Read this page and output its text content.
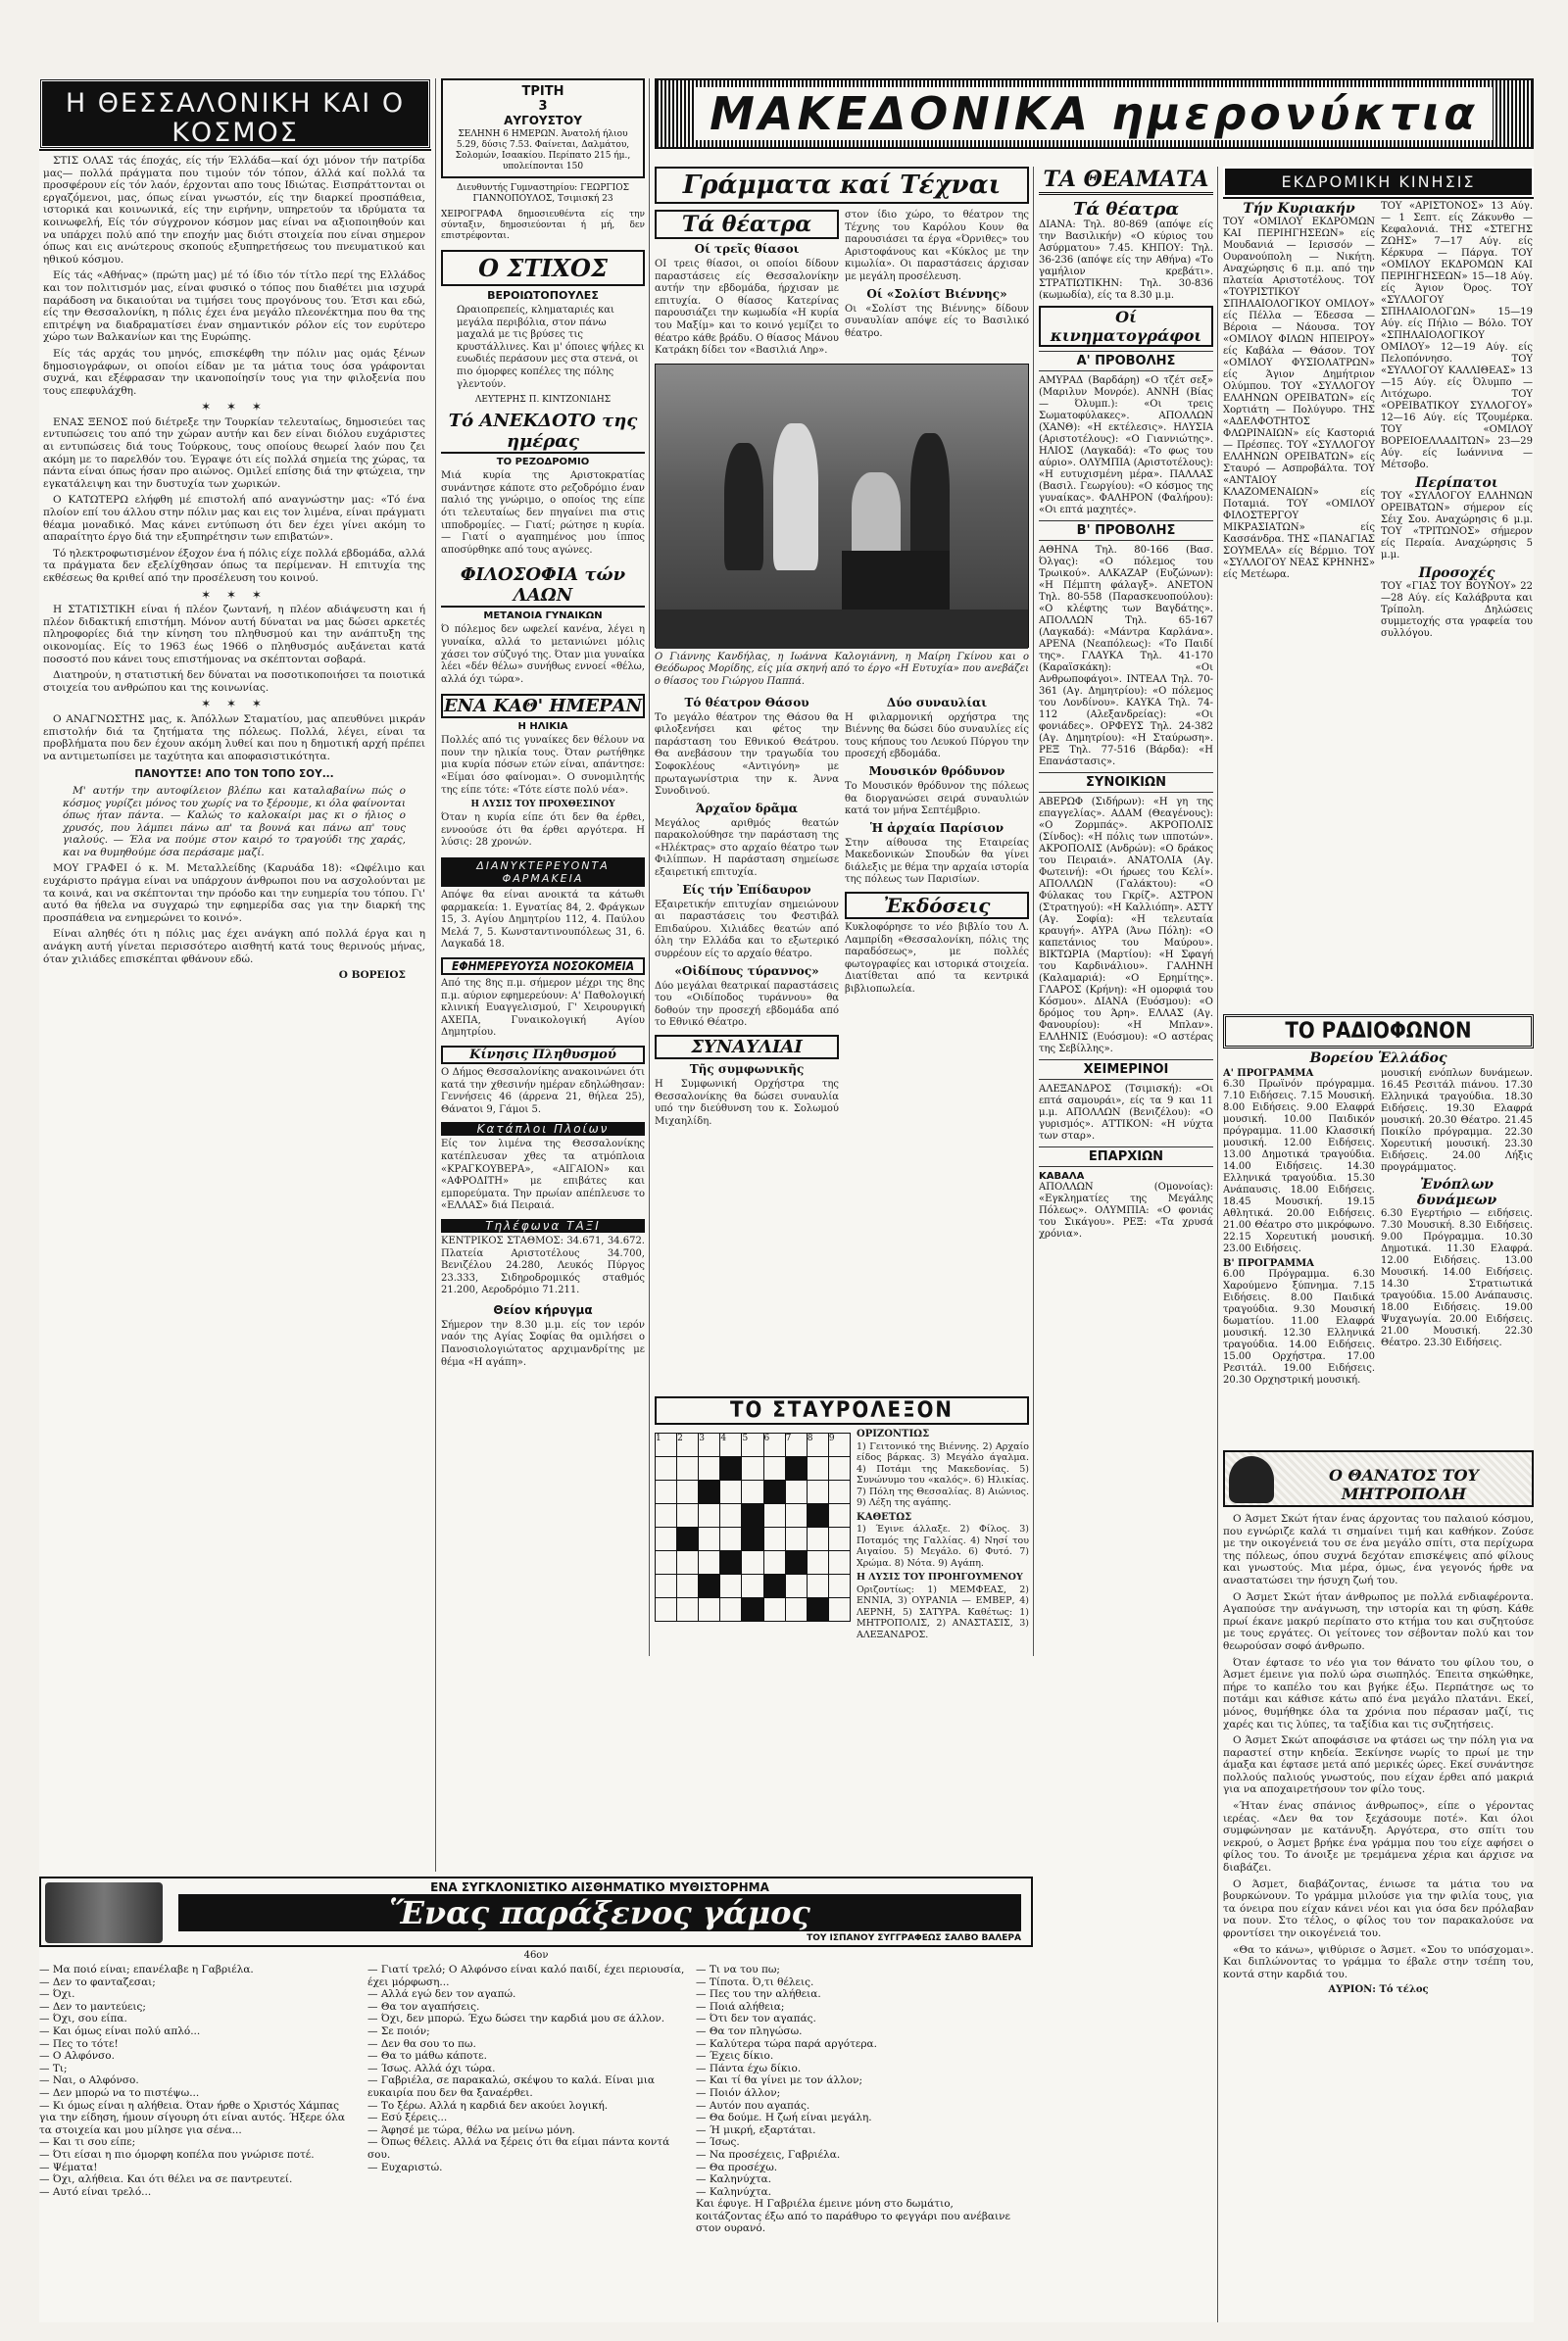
Η ΘΕΣΣΑΛΟΝΙΚΗ ΚΑΙ Ο ΚΟΣΜΟΣ

ΣΤΙΣ ΟΛΑΣ τάς έποχάς, είς τήν Έλλάδα—καί όχι μόνον τήν πατρίδα μας— πολλά πράγματα που τιμούν τόν τόπον, άλλά καί πολλά τα προσφέρουν είς τόν λαόν, έρχονται απο τους Ιδιώτας. Εισπράττονται οι εργαζόμενοι, μας, όπως είναι γνωστόν, είς την διαρκεί προσπάθεια, ιστορικά και κοινωνικά, είς την ειρήνην, υπηρετούν τα ιδρύματα τα κοινωφελή, Είς τόν σύγχρονον κόσμον μας είναι να αξιοποιηθούν και να υπάρχει πολύ από την εποχήν μας διότι στοιχεία που είναι σημερον όπως και εις ανώτερους σκοπούς εξυπηρετήσεως του πνευματικού και ηθικού κόσμου.

Είς τάς «Αθήνας» (πρώτη μας) μέ τό ίδιο τόν τίτλο περί της Ελλάδος και τον πολιτισμόν μας, είναι φυσικό ο τόπος που διαθέτει μια ισχυρά παράδοση να δικαιούται να τιμήσει τους προγόνους του. Έτσι και εδώ, είς την Θεσσαλονίκη, η πόλις έχει ένα μεγάλο πλεονέκτημα που θα της επιτρέψη να διαδραματίσει έναν σημαντικόν ρόλον είς τον ευρύτερο χώρο των Βαλκανίων και της Ευρώπης.

Είς τάς αρχάς του μηνός, επισκέφθη την πόλιν μας ομάς ξένων δημοσιογράφων, οι οποίοι είδαν με τα μάτια τους όσα γράφονται συχνά, και εξέφρασαν την ικανοποίησίν τους για την φιλοξενία που τους επεφυλάχθη.

✶ ✶ ✶

ΕΝΑΣ ΞΕΝΟΣ πού διέτρεξε την Τουρκίαν τελευταίως, δημοσιεύει τας εντυπώσεις του από την χώραν αυτήν και δεν είναι διόλου ευχάριστες αι εντυπώσεις διά τους Τούρκους, τους οποίους θεωρεί λαόν που ζει ακόμη με το παρελθόν του. Έγραψε ότι είς πολλά σημεία της χώρας, τα πάντα είναι όπως ήσαν προ αιώνος. Ομιλεί επίσης διά την φτώχεια, την εγκατάλειψη και την δυστυχία των χωρικών.

Ο ΚΑΤΩΤΕΡΩ ελήφθη μέ επιστολή από αναγνώστην μας: «Τό ένα πλοίον επί του άλλου στην πόλιν μας και εις τον λιμένα, είναι πράγματι θέαμα μοναδικό. Μας κάνει εντύπωση ότι δεν έχει γίνει ακόμη το απαραίτητο έργο διά την εξυπηρέτησιν των επιβατών».

Τό ηλεκτροφωτισμένον έξοχον ένα ή πόλις είχε πολλά εβδομάδα, αλλά τα πράγματα δεν εξελίχθησαν όπως τα περίμεναν. Η επιτυχία της εκθέσεως θα κριθεί από την προσέλευση του κοινού.

✶ ✶ ✶

Η ΣΤΑΤΙΣΤΙΚΗ είναι ή πλέον ζωντανή, η πλέον αδιάψευστη και ή πλέον διδακτική επιστήμη. Μόνον αυτή δύναται να μας δώσει αρκετές πληροφορίες διά την κίνηση του πληθυσμού και την ανάπτυξη της οικονομίας. Είς το 1963 έως 1966 ο πληθυσμός αυξάνεται κατά ποσοστό που κάνει τους επιστήμονας να σκέπτονται σοβαρά.

Διατηρούν, η στατιστική δεν δύναται να ποσοτικοποιήσει τα ποιοτικά στοιχεία του ανθρώπου και της κοινωνίας.

✶ ✶ ✶

Ο ΑΝΑΓΝΩΣΤΗΣ μας, κ. Άπόλλων Σταματίου, μας απευθύνει μικράν επιστολήν διά τα ζητήματα της πόλεως. Πολλά, λέγει, είναι τα προβλήματα που δεν έχουν ακόμη λυθεί και που η δημοτική αρχή πρέπει να αντιμετωπίσει με ταχύτητα και αποφασιστικότητα.

ΠΑΝΟΥΤΣΕ! ΑΠΟ ΤΟΝ ΤΟΠΟ ΣΟΥ...

Μ' αυτήν την αυτοφίλειον βλέπω και καταλαβαίνω πώς ο κόσμος γυρίζει μόνος του χωρίς να το ξέρουμε, κι όλα φαίνονται όπως ήταν πάντα. — Καλώς το καλοκαίρι μας κι ο ήλιος ο χρυσός, που λάμπει πάνω απ' τα βουνά και πάνω απ' τους γιαλούς. — Έλα να πούμε στον καιρό το τραγούδι της χαράς, και να θυμηθούμε όσα περάσαμε μαζί.

ΜΟΥ ΓΡΑΦΕΙ ό κ. Μ. Μεταλλείδης (Καρυάδα 18): «Ωφέλιμο και ευχάριστο πράγμα είναι να υπάρχουν άνθρωποι που να ασχολούνται με τα κοινά, και να σκέπτονται την πρόοδο και την ευημερία του τόπου. Γι' αυτό θα ήθελα να συγχαρώ την εφημερίδα σας για την διαρκή της προσπάθεια να ενημερώνει το κοινό».

Είναι αληθές ότι η πόλις μας έχει ανάγκη από πολλά έργα και η ανάγκη αυτή γίνεται περισσότερο αισθητή κατά τους θερινούς μήνας, όταν χιλιάδες επισκέπται φθάνουν εδώ.

Ο ΒΟΡΕΙΟΣ
ΤΡΙΤΗ
3
ΑΥΓΟΥΣΤΟΥ
ΣΕΛΗΝΗ 6 ΗΜΕΡΩΝ. Άνατολή ήλιου 5.29, δύσις 7.53. Φαίνεται, Δαλμάτου, Σολομών, Ισαακίου. Περίπατο 215 ήμ., υπολείπονται 150
Διευθυντής Γυμναστηρίου: ΓΕΩΡΓΙΟΣ ΓΙΑΝΝΟΠΟΥΛΟΣ, Τσιμισκή 23
ΧΕΙΡΟΓΡΑΦΑ δημοσιευθέντα είς την σύνταξιν, δημοσιεύονται ή μή, δεν επιστρέφονται.
Ο ΣΤΙΧΟΣ
ΒΕΡΟΙΩΤΟΠΟΥΛΕΣ
Ωραιοπρεπείς, κληματαριές και μεγάλα περιβόλια, στον πάνω μαχαλά με τις βρύσες τις κρυστάλλινες. Και μ' όποιες ψήλες κι ευωδιές περάσουν μες στα στενά, οι πιο όμορφες κοπέλες της πόλης γλεντούν.
ΛΕΥΤΕΡΗΣ Π. ΚΙΝΤΖΟΝΙΔΗΣ
Τό ΑΝΕΚΔΟΤΟ της ημέρας
ΤΟ ΡΕΖΟΔΡΟΜΙΟ
Μιά κυρία της Αριστοκρατίας συνάντησε κάποτε στο ρεζοδρόμιο έναν παλιό της γνώριμο, ο οποίος της είπε ότι τελευταίως δεν πηγαίνει πια στις ιπποδρομίες. — Γιατί; ρώτησε η κυρία. — Γιατί ο αγαπημένος μου ίππος αποσύρθηκε από τους αγώνες.
ΦΙΛΟΣΟΦΙΑ τών ΛΑΩΝ
ΜΕΤΑΝΟΙΑ ΓΥΝΑΙΚΩΝ
Ό πόλεμος δεν ωφελεί κανένα, λέγει η γυναίκα, αλλά το μετανιώνει μόλις χάσει τον σύζυγό της. Όταν μια γυναίκα λέει «δέν θέλω» συνήθως εννοεί «θέλω, αλλά όχι τώρα».
ΕΝΑ ΚΑΘ' ΗΜΕΡΑΝ
Η ΗΛΙΚΙΑ
Πολλές από τις γυναίκες δεν θέλουν να πουν την ηλικία τους. Όταν ρωτήθηκε μια κυρία πόσων ετών είναι, απάντησε: «Είμαι όσο φαίνομαι». Ο συνομιλητής της είπε τότε: «Τότε είστε πολύ νέα».
Η ΛΥΣΙΣ ΤΟΥ ΠΡΟΧΘΕΣΙΝΟΥ
Όταν η κυρία είπε ότι δεν θα έρθει, εννοούσε ότι θα έρθει αργότερα. Η λύσις: 28 χρονών.
ΔΙΑΝΥΚΤΕΡΕΥΟΝΤΑ ΦΑΡΜΑΚΕΙΑ
Απόψε θα είναι ανοικτά τα κάτωθι φαρμακεία: 1. Εγνατίας 84, 2. Φράγκων 15, 3. Αγίου Δημητρίου 112, 4. Παύλου Μελά 7, 5. Κωνσταντινουπόλεως 31, 6. Λαγκαδά 18.
ΕΦΗΜΕΡΕΥΟΥΣΑ ΝΟΣΟΚΟΜΕΙΑ
Από της 8ης π.μ. σήμερον μέχρι της 8ης π.μ. αύριον εφημερεύουν: Α' Παθολογική κλινική Ευαγγελισμού, Γ' Χειρουργική ΑΧΕΠΑ, Γυναικολογική Αγίου Δημητρίου.
Κίνησις Πληθυσμού
Ο Δήμος Θεσσαλονίκης ανακοινώνει ότι κατά την χθεσινήν ημέραν εδηλώθησαν: Γεννήσεις 46 (άρρενα 21, θήλεα 25), Θάνατοι 9, Γάμοι 5.
Κατάπλοι Πλοίων
Είς τον λιμένα της Θεσσαλονίκης κατέπλευσαν χθες τα ατμόπλοια «ΚΡΑΓΚΟΥΒΕΡΑ», «ΑΙΓΑΙΟΝ» και «ΑΦΡΟΔΙΤΗ» με επιβάτες και εμπορεύματα. Την πρωίαν απέπλευσε το «ΕΛΛΑΣ» διά Πειραιά.
Τηλέφωνα ΤΑΞΙ
ΚΕΝΤΡΙΚΟΣ ΣΤΑΘΜΟΣ: 34.671, 34.672. Πλατεία Αριστοτέλους 34.700, Βενιζέλου 24.280, Λευκός Πύργος 23.333, Σιδηροδρομικός σταθμός 21.200, Αεροδρόμιο 71.211.
Θείον κήρυγμα
Σήμερον την 8.30 μ.μ. είς τον ιερόν ναόν της Αγίας Σοφίας θα ομιλήσει ο Πανοσιολογιώτατος αρχιμανδρίτης με θέμα «Η αγάπη».
ΜΑΚΕΔΟΝΙΚΑ ημερονύκτια
Γράμματα καί Τέχναι
Τά θέατρα
Οί τρεῖς θίασοι
ΟΙ τρεις θίασοι, οι οποίοι δίδουν παραστάσεις είς Θεσσαλονίκην αυτήν την εβδομάδα, ήρχισαν με επιτυχία. Ο θίασος Κατερίνας παρουσιάζει την κωμωδία «Η κυρία του Μαξίμ» και το κοινό γεμίζει το θέατρο κάθε βράδυ. Ο θίασος Μάνου Κατράκη δίδει τον «Βασιλιά Ληρ».
στον ίδιο χώρο, το θέατρον της Τέχνης του Καρόλου Κουν θα παρουσιάσει τα έργα «Όρνιθες» του Αριστοφάνους και «Κύκλος με την κιμωλία». Οι παραστάσεις άρχισαν με μεγάλη προσέλευση.
Οί «Σολίστ Βιέννης»
Οι «Σολίστ της Βιέννης» δίδουν συναυλίαν απόψε είς το Βασιλικό θέατρο.
Ο Γιάννης Κανδήλας, η Ιωάννα Καλογιάννη, η Μαίρη Γκίνου και ο Θεόδωρος Μορίδης, είς μία σκηνή από το έργο «Η Ευτυχία» που ανεβάζει ο θίασος του Γιώργου Παππά.
Τό θέατρον Θάσου
Το μεγάλο θέατρον της Θάσου θα φιλοξενήσει και φέτος την παράσταση του Εθνικού Θεάτρου. Θα ανεβάσουν την τραγωδία του Σοφοκλέους «Αντιγόνη» με πρωταγωνίστρια την κ. Άννα Συνοδινού.
Άρχαῖον δρᾶμα
Μεγάλος αριθμός θεατών παρακολούθησε την παράσταση της «Ηλέκτρας» στο αρχαίο θέατρο των Φιλίππων. Η παράσταση σημείωσε εξαιρετική επιτυχία.
Είς τήν Ἐπίδαυρον
Εξαιρετικήν επιτυχίαν σημειώνουν αι παραστάσεις του Φεστιβάλ Επιδαύρου. Χιλιάδες θεατών από όλη την Ελλάδα και το εξωτερικό συρρέουν είς το αρχαίο θέατρο.
«Οἰδίπους τύραννος»
Δύο μεγάλαι θεατρικαί παραστάσεις του «Οιδίποδος τυράννου» θα δοθούν την προσεχή εβδομάδα από το Εθνικό Θέατρο.
ΣΥΝΑΥΛΙΑΙ
Τῆς συμφωνικῆς
Η Συμφωνική Ορχήστρα της Θεσσαλονίκης θα δώσει συναυλία υπό την διεύθυνση του κ. Σολωμού Μιχαηλίδη.
Δύο συναυλίαι
Η φιλαρμονική ορχήστρα της Βιέννης θα δώσει δύο συναυλίες είς τους κήπους του Λευκού Πύργου την προσεχή εβδομάδα.
Μουσικόν θρόδυνον
Το Μουσικόν θρόδυνον της πόλεως θα διοργανώσει σειρά συναυλιών κατά τον μήνα Σεπτέμβριο.
Ἡ ἀρχαία Παρίσιον
Στην αίθουσα της Εταιρείας Μακεδονικών Σπουδών θα γίνει διάλεξις με θέμα την αρχαία ιστορία της πόλεως των Παρισίων.
Ἐκδόσεις
Κυκλοφόρησε το νέο βιβλίο του Λ. Λαμπρίδη «Θεσσαλονίκη, πόλις της παραδόσεως», με πολλές φωτογραφίες και ιστορικά στοιχεία. Διατίθεται από τα κεντρικά βιβλιοπωλεία.
ΤΟ ΣΤΑΥΡΟΛΕΞΟΝ
1	2	3	4	5	6	7	8	9

								ΟΡΙΖΟΝΤΙΩΣ
1) Γειτονικό της Βιέννης. 2) Αρχαίο είδος βάρκας. 3) Μεγάλο άγαλμα. 4) Ποτάμι της Μακεδονίας. 5) Συνώνυμο του «καλός». 6) Ηλικίας. 7) Πόλη της Θεσσαλίας. 8) Αιώνιος. 9) Λέξη της αγάπης.
ΚΑΘΕΤΩΣ
1) Έγινε άλλαξε. 2) Φίλος. 3) Ποταμός της Γαλλίας. 4) Νησί του Αιγαίου. 5) Μεγάλο. 6) Φυτό. 7) Χρώμα. 8) Νότα. 9) Αγάπη.
Η ΛΥΣΙΣ ΤΟΥ ΠΡΟΗΓΟΥΜΕΝΟΥ
Οριζοντίως: 1) ΜΕΜΦΕΑΣ, 2) ΕΝΝΙΑ, 3) ΟΥΡΑΝΙΑ — ΕΜΒΕΡ, 4) ΛΕΡΝΗ, 5) ΣΑΤΥΡΑ. Καθέτως: 1) ΜΗΤΡΟΠΟΛΙΣ, 2) ΑΝΑΣΤΑΣΙΣ, 3) ΑΛΕΞΑΝΔΡΟΣ.
ΤΑ ΘΕΑΜΑΤΑ
Τά θέατρα
ΔΙΑΝΑ: Τηλ. 80-869 (απόψε είς την Βασιλικήν) «Ο κύριος του Ασύρματου» 7.45. ΚΗΠΟΥ: Τηλ. 36-236 (απόψε είς την Αθήνα) «Το γαμήλιον κρεβάτι». ΣΤΡΑΤΙΩΤΙΚΗΝ: Τηλ. 30-836 (κωμωδία), είς τα 8.30 μ.μ.
Οί κινηματογράφοι
Α' ΠΡΟΒΟΛΗΣ
ΑΜΥΡΑΔ (Βαρδάρη) «Ο τζέτ σεξ» (Μαριλυν Μονρόε). ΑΝΝΗ (Βίας — Όλυμπ.): «Οι τρεις Σωματοφύλακες». ΑΠΟΛΛΩΝ (ΧΑΝΘ): «Η εκτέλεσις». ΗΛΥΣΙΑ (Αριστοτέλους): «Ο Γιαννιώτης». ΗΛΙΟΣ (Λαγκαδά): «Το φως του αύριο». ΟΛΥΜΠΙΑ (Αριστοτέλους): «Η ευτυχισμένη μέρα». ΠΑΛΛΑΣ (Βασιλ. Γεωργίου): «Ο κόσμος της γυναίκας». ΦΑΛΗΡΟΝ (Φαλήρου): «Οι επτά μαχητές».
Β' ΠΡΟΒΟΛΗΣ
ΑΘΗΝΑ Τηλ. 80-166 (Βασ. Όλγας): «Ο πόλεμος του Τρωικού». ΑΛΚΑΖΑΡ (Ευζώνων): «Η Πέμπτη φάλαγξ». ΑΝΕΤΟΝ Τηλ. 80-558 (Παρασκευοπούλου): «Ο κλέφτης των Βαγδάτης». ΑΠΟΛΛΩΝ Τηλ. 65-167 (Λαγκαδά): «Μάντρα Καρλάνα». ΑΡΕΝΑ (Νεαπόλεως): «Το Παιδί της». ΓΛΑΥΚΑ Τηλ. 41-170 (Καραϊσκάκη): «Οι Ανθρωποφάγοι». ΙΝΤΕΑΛ Τηλ. 70-361 (Αγ. Δημητρίου): «Ο πόλεμος του Λονδίνου». ΚΑΥΚΑ Τηλ. 74-112 (Αλεξανδρείας): «Οι φονιάδες». ΟΡΦΕΥΣ Τηλ. 24-382 (Αγ. Δημητρίου): «Η Σταύρωση». ΡΕΞ Τηλ. 77-516 (Βάρδα): «Η Επανάστασις».
ΣΥΝΟΙΚΙΩΝ
ΑΒΕΡΩΦ (Σιδήρων): «Η γη της επαγγελίας». ΑΔΑΜ (Θεαγένους): «Ο Ζορμπάς». ΑΚΡΟΠΟΛΙΣ (Σίνδος): «Η πόλις των ιπποτών». ΑΚΡΟΠΟΛΙΣ (Ανδρών): «Ο δράκος του Πειραιά». ΑΝΑΤΟΛΙΑ (Αγ. Φωτεινή): «Οι ήρωες του Κελί». ΑΠΟΛΛΩΝ (Γαλάκτου): «Ο Φύλακας του Γκρίζ». ΑΣΤΡΟΝ (Στρατηγού): «Η Καλλιόπη». ΑΣΤΥ (Αγ. Σοφία): «Η τελευταία κραυγή». ΑΥΡΑ (Άνω Πόλη): «Ο καπετάνιος του Μαύρου». ΒΙΚΤΩΡΙΑ (Μαρτίου): «Η Σφαγή του Καρδινάλιου». ΓΑΛΗΝΗ (Καλαμαριά): «Ο Ερημίτης». ΓΛΑΡΟΣ (Κρήνη): «Η ομορφιά του Κόσμου». ΔΙΑΝΑ (Ευόσμου): «Ο δρόμος του Άρη». ΕΛΛΑΣ (Αγ. Φανουρίου): «Η Μπλαν». ΕΛΛΗΝΙΣ (Ευόσμου): «Ο αστέρας της Σεβίλλης».
ΧΕΙΜΕΡΙΝΟΙ
ΑΛΕΞΑΝΔΡΟΣ (Τσιμισκή): «Οι επτά σαμουράι», είς τα 9 και 11 μ.μ. ΑΠΟΛΛΩΝ (Βενιζέλου): «Ο γυρισμός». ΑΤΤΙΚΟΝ: «Η νύχτα των σταρ».
ΕΠΑΡΧΙΩΝ
ΚΑΒΑΛΑ
ΑΠΟΛΛΩΝ (Ομονοίας): «Εγκληματίες της Μεγάλης Πόλεως». ΟΛΥΜΠΙΑ: «Ο φονιάς του Σικάγου». ΡΕΞ: «Τα χρυσά χρόνια».
ΕΚΔΡΟΜΙΚΗ ΚΙΝΗΣΙΣ
Τήν Κυριακήν
ΤΟΥ «ΟΜΙΛΟΥ ΕΚΔΡΟΜΩΝ ΚΑΙ ΠΕΡΙΗΓΗΣΕΩΝ» είς Μουδανιά — Ιερισσόν — Ουρανούπολη — Νικήτη. Αναχώρησις 6 π.μ. από την πλατεία Αριστοτέλους. ΤΟΥ «ΤΟΥΡΙΣΤΙΚΟΥ ΣΠΗΛΑΙΟΛΟΓΙΚΟΥ ΟΜΙΛΟΥ» είς Πέλλα — Έδεσσα — Βέροια — Νάουσα. ΤΟΥ «ΟΜΙΛΟΥ ΦΙΛΩΝ ΗΠΕΙΡΟΥ» είς Καβάλα — Θάσον. ΤΟΥ «ΟΜΙΛΟΥ ΦΥΣΙΟΛΑΤΡΩΝ» είς Άγιον Δημήτριον Ολύμπου. ΤΟΥ «ΣΥΛΛΟΓΟΥ ΕΛΛΗΝΩΝ ΟΡΕΙΒΑΤΩΝ» είς Χορτιάτη — Πολύγυρο. ΤΗΣ «ΑΔΕΛΦΟΤΗΤΟΣ ΦΛΩΡΙΝΑΙΩΝ» είς Καστοριά — Πρέσπες. ΤΟΥ «ΣΥΛΛΟΓΟΥ ΕΛΛΗΝΩΝ ΟΡΕΙΒΑΤΩΝ» είς Σταυρό — Ασπροβάλτα. ΤΟΥ «ΑΝΤΑΙΟΥ ΚΛΑΖΟΜΕΝΑΙΩΝ» είς Ποταμιά. ΤΟΥ «ΟΜΙΛΟΥ ΦΙΛΟΣΤΕΡΓΟΥ ΜΙΚΡΑΣΙΑΤΩΝ» είς Κασσάνδρα. ΤΗΣ «ΠΑΝΑΓΙΑΣ ΣΟΥΜΕΛΑ» είς Βέρμιο. ΤΟΥ «ΣΥΛΛΟΓΟΥ ΝΕΑΣ ΚΡΗΝΗΣ» είς Μετέωρα.
ΤΟΥ «ΑΡΙΣΤΟΝΟΣ» 13 Αύγ. — 1 Σεπτ. είς Ζάκυνθο — Κεφαλονιά. ΤΗΣ «ΣΤΕΓΗΣ ΖΩΗΣ» 7—17 Αύγ. είς Κέρκυρα — Πάργα. ΤΟΥ «ΟΜΙΛΟΥ ΕΚΔΡΟΜΩΝ ΚΑΙ ΠΕΡΙΗΓΗΣΕΩΝ» 15—18 Αύγ. είς Άγιον Όρος. ΤΟΥ «ΣΥΛΛΟΓΟΥ ΣΠΗΛΑΙΟΛΟΓΩΝ» 15—19 Αύγ. είς Πήλιο — Βόλο. ΤΟΥ «ΣΠΗΛΑΙΟΛΟΓΙΚΟΥ ΟΜΙΛΟΥ» 12—19 Αύγ. είς Πελοπόννησο. ΤΟΥ «ΣΥΛΛΟΓΟΥ ΚΑΛΛΙΘΕΑΣ» 13—15 Αύγ. είς Όλυμπο — Λιτόχωρο. ΤΟΥ «ΟΡΕΙΒΑΤΙΚΟΥ ΣΥΛΛΟΓΟΥ» 12—16 Αύγ. είς Τζουμέρκα. ΤΟΥ «ΟΜΙΛΟΥ ΒΟΡΕΙΟΕΛΛΑΔΙΤΩΝ» 23—29 Αύγ. είς Ιωάννινα — Μέτσοβο.
Περίπατοι
ΤΟΥ «ΣΥΛΛΟΓΟΥ ΕΛΛΗΝΩΝ ΟΡΕΙΒΑΤΩΝ» σήμερον είς Σέιχ Σου. Αναχώρησις 6 μ.μ. ΤΟΥ «ΤΡΙΤΩΝΟΣ» σήμερον είς Περαία. Αναχώρησις 5 μ.μ.
Προσοχές
ΤΟΥ «ΓΙΑΣ ΤΟΥ ΒΟΥΝΟΥ» 22—28 Αύγ. είς Καλάβρυτα και Τρίπολη. Δηλώσεις συμμετοχής στα γραφεία του συλλόγου.
ΤΟ ΡΑΔΙΟΦΩΝΟΝ
Βορείου Ἑλλάδος
Α' ΠΡΟΓΡΑΜΜΑ
6.30 Πρωϊνόν πρόγραμμα. 7.10 Ειδήσεις. 7.15 Μουσική. 8.00 Ειδήσεις. 9.00 Ελαφρά μουσική. 10.00 Παιδικόν πρόγραμμα. 11.00 Κλασσική μουσική. 12.00 Ειδήσεις. 13.00 Δημοτικά τραγούδια. 14.00 Ειδήσεις. 14.30 Ελληνικά τραγούδια. 15.30 Ανάπαυσις. 18.00 Ειδήσεις. 18.45 Μουσική. 19.15 Αθλητικά. 20.00 Ειδήσεις. 21.00 Θέατρο στο μικρόφωνο. 22.15 Χορευτική μουσική. 23.00 Ειδήσεις.
Β' ΠΡΟΓΡΑΜΜΑ
6.00 Πρόγραμμα. 6.30 Χαρούμενο ξύπνημα. 7.15 Ειδήσεις. 8.00 Παιδικά τραγούδια. 9.30 Μουσική δωματίου. 11.00 Ελαφρά μουσική. 12.30 Ελληνικά τραγούδια. 14.00 Ειδήσεις. 15.00 Ορχήστρα. 17.00 Ρεσιτάλ. 19.00 Ειδήσεις. 20.30 Ορχηστρική μουσική.
μουσική ενόπλων δυνάμεων. 16.45 Ρεσιτάλ πιάνου. 17.30 Ελληνικά τραγούδια. 18.30 Ειδήσεις. 19.30 Ελαφρά μουσική. 20.30 Θέατρο. 21.45 Ποικίλο πρόγραμμα. 22.30 Χορευτική μουσική. 23.30 Ειδήσεις. 24.00 Λήξις προγράμματος.
Ἐνόπλων δυνάμεων
6.30 Εγερτήριο — ειδήσεις. 7.30 Μουσική. 8.30 Ειδήσεις. 9.00 Πρόγραμμα. 10.30 Δημοτικά. 11.30 Ελαφρά. 12.00 Ειδήσεις. 13.00 Μουσική. 14.00 Ειδήσεις. 14.30 Στρατιωτικά τραγούδια. 15.00 Ανάπαυσις. 18.00 Ειδήσεις. 19.00 Ψυχαγωγία. 20.00 Ειδήσεις. 21.00 Μουσική. 22.30 Θέατρο. 23.30 Ειδήσεις.
Ο ΘΑΝΑΤΟΣ ΤΟΥ ΜΗΤΡΟΠΟΛΗ

Ο Άσμετ Σκώτ ήταν ένας άρχοντας του παλαιού κόσμου, που εγνώριζε καλά τι σημαίνει τιμή και καθήκον. Ζούσε με την οικογένειά του σε ένα μεγάλο σπίτι, στα περίχωρα της πόλεως, όπου συχνά δεχόταν επισκέψεις από φίλους και γνωστούς. Μια μέρα, όμως, ένα γεγονός ήρθε να αναστατώσει την ήσυχη ζωή του.

Ο Άσμετ Σκώτ ήταν άνθρωπος με πολλά ενδιαφέροντα. Αγαπούσε την ανάγνωση, την ιστορία και τη φύση. Κάθε πρωί έκανε μακρύ περίπατο στο κτήμα του και συζητούσε με τους εργάτες. Οι γείτονες τον σέβονταν πολύ και τον θεωρούσαν σοφό άνθρωπο.

Όταν έφτασε το νέο για τον θάνατο του φίλου του, ο Άσμετ έμεινε για πολύ ώρα σιωπηλός. Έπειτα σηκώθηκε, πήρε το καπέλο του και βγήκε έξω. Περπάτησε ως το ποτάμι και κάθισε κάτω από ένα μεγάλο πλατάνι. Εκεί, μόνος, θυμήθηκε όλα τα χρόνια που πέρασαν μαζί, τις χαρές και τις λύπες, τα ταξίδια και τις συζητήσεις.

Ο Άσμετ Σκώτ αποφάσισε να φτάσει ως την πόλη για να παραστεί στην κηδεία. Ξεκίνησε νωρίς το πρωί με την άμαξα και έφτασε μετά από μερικές ώρες. Εκεί συνάντησε πολλούς παλιούς γνωστούς, που είχαν έρθει από μακριά για να αποχαιρετήσουν τον φίλο τους.

«Ήταν ένας σπάνιος άνθρωπος», είπε ο γέροντας ιερέας. «Δεν θα τον ξεχάσουμε ποτέ». Και όλοι συμφώνησαν με κατάνυξη. Αργότερα, στο σπίτι του νεκρού, ο Άσμετ βρήκε ένα γράμμα που του είχε αφήσει ο φίλος του. Το άνοιξε με τρεμάμενα χέρια και άρχισε να διαβάζει.

Ο Άσμετ, διαβάζοντας, ένιωσε τα μάτια του να βουρκώνουν. Το γράμμα μιλούσε για την φιλία τους, για τα όνειρα που είχαν κάνει νέοι και για όσα δεν πρόλαβαν να πουν. Στο τέλος, ο φίλος του τον παρακαλούσε να φροντίσει την οικογένειά του.

«Θα το κάνω», ψιθύρισε ο Άσμετ. «Σου το υπόσχομαι». Και διπλώνοντας το γράμμα το έβαλε στην τσέπη του, κοντά στην καρδιά του.

ΑΥΡΙΟΝ: Τό τέλος
ΕΝΑ ΣΥΓΚΛΟΝΙΣΤΙΚΟ ΑΙΣΘΗΜΑΤΙΚΟ ΜΥΘΙΣΤΟΡΗΜΑ
Ἕνας παράξενος γάμος
ΤΟΥ ΙΣΠΑΝΟΥ ΣΥΓΓΡΑΦΕΩΣ ΣΑΛΒΟ ΒΑΛΕΡΑ
46ον
— Μα ποιό είναι; επανέλαβε η Γαβριέλα.
— Δεν το φανταζεσαι;
— Όχι.
— Δεν το μαντεύεις;
— Όχι, σου είπα.
— Και όμως είναι πολύ απλό...
— Πες το τότε!
— Ο Αλφόνσο.
— Τι;
— Ναι, ο Αλφόνσο.
— Δεν μπορώ να το πιστέψω...
— Κι όμως είναι η αλήθεια. Όταν ήρθε ο Χριστός Χάμπας για την είδηση, ήμουν σίγουρη ότι είναι αυτός. Ήξερε όλα τα στοιχεία και μου μίλησε για σένα...
— Και τι σου είπε;
— Ότι είσαι η πιο όμορφη κοπέλα που γνώρισε ποτέ.
— Ψέματα!
— Όχι, αλήθεια. Και ότι θέλει να σε παντρευτεί.
— Αυτό είναι τρελό...
— Γιατί τρελό; Ο Αλφόνσο είναι καλό παιδί, έχει περιουσία, έχει μόρφωση...
— Αλλά εγώ δεν τον αγαπώ.
— Θα τον αγαπήσεις.
— Όχι, δεν μπορώ. Έχω δώσει την καρδιά μου σε άλλον.
— Σε ποιόν;
— Δεν θα σου το πω.
— Θα το μάθω κάποτε.
— Ίσως. Αλλά όχι τώρα.
— Γαβριέλα, σε παρακαλώ, σκέψου το καλά. Είναι μια ευκαιρία που δεν θα ξαναέρθει.
— Το ξέρω. Αλλά η καρδιά δεν ακούει λογική.
— Εσύ ξέρεις...
— Άφησέ με τώρα, θέλω να μείνω μόνη.
— Όπως θέλεις. Αλλά να ξέρεις ότι θα είμαι πάντα κοντά σου.
— Ευχαριστώ.
— Τι να του πω;
— Τίποτα. Ό,τι θέλεις.
— Πες του την αλήθεια.
— Ποιά αλήθεια;
— Ότι δεν τον αγαπάς.
— Θα τον πληγώσω.
— Καλύτερα τώρα παρά αργότερα.
— Έχεις δίκιο.
— Πάντα έχω δίκιο.
— Και τί θα γίνει με τον άλλον;
— Ποιόν άλλον;
— Αυτόν που αγαπάς.
— Θα δούμε. Η ζωή είναι μεγάλη.
— Ή μικρή, εξαρτάται.
— Ίσως.
— Να προσέχεις, Γαβριέλα.
— Θα προσέχω.
— Καληνύχτα.
— Καληνύχτα.
Και έφυγε. Η Γαβριέλα έμεινε μόνη στο δωμάτιο, κοιτάζοντας έξω από το παράθυρο το φεγγάρι που ανέβαινε στον ουρανό.
